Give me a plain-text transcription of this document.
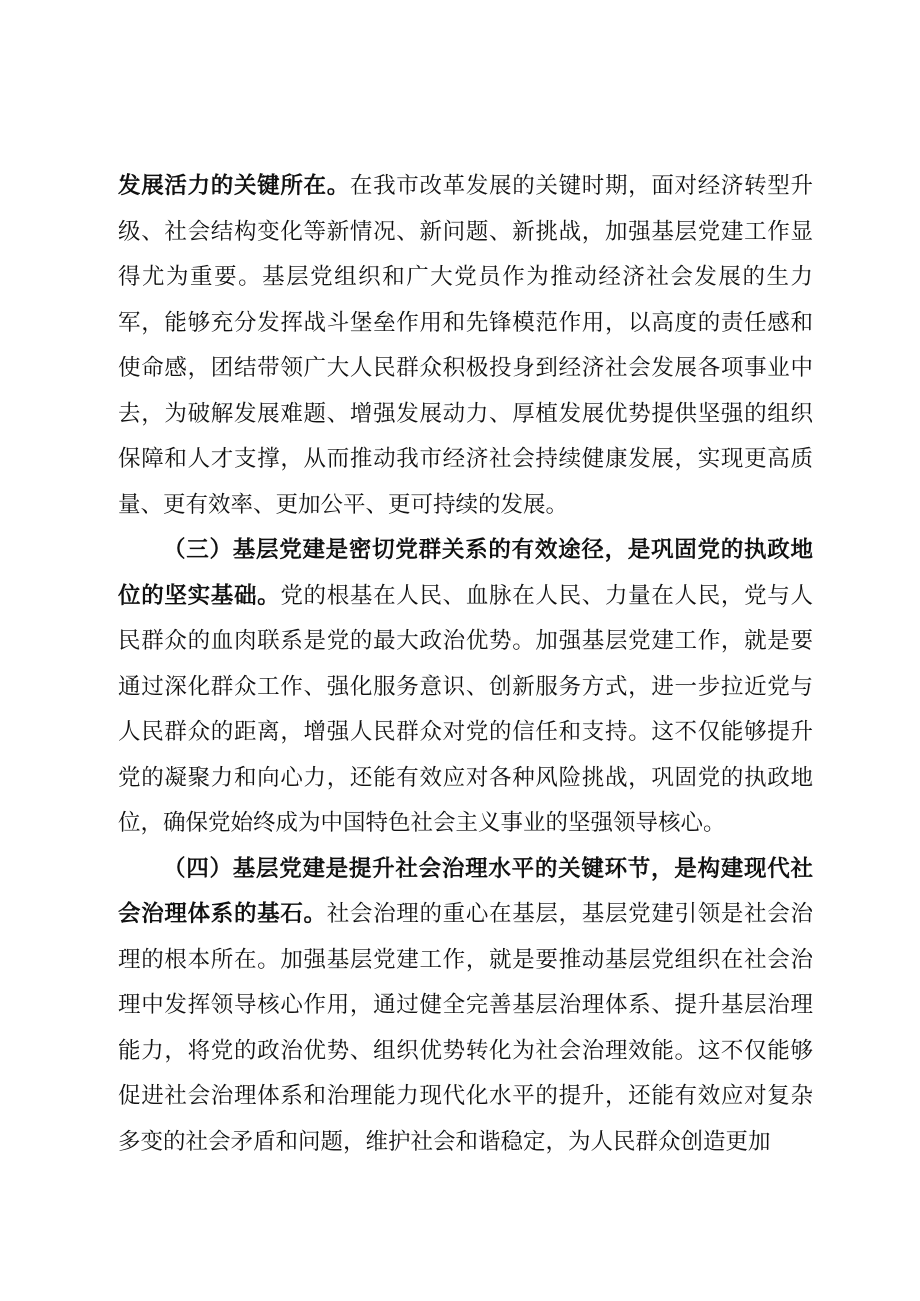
发展活力的关键所在。在我市改革发展的关键时期，面对经济转型升级、社会结构变化等新情况、新问题、新挑战，加强基层党建工作显得尤为重要。基层党组织和广大党员作为推动经济社会发展的生力军，能够充分发挥战斗堡垒作用和先锋模范作用，以高度的责任感和使命感，团结带领广大人民群众积极投身到经济社会发展各项事业中去，为破解发展难题、增强发展动力、厚植发展优势提供坚强的组织保障和人才支撑，从而推动我市经济社会持续健康发展，实现更高质量、更有效率、更加公平、更可持续的发展。

（三）基层党建是密切党群关系的有效途径，是巩固党的执政地位的坚实基础。党的根基在人民、血脉在人民、力量在人民，党与人民群众的血肉联系是党的最大政治优势。加强基层党建工作，就是要通过深化群众工作、强化服务意识、创新服务方式，进一步拉近党与人民群众的距离，增强人民群众对党的信任和支持。这不仅能够提升党的凝聚力和向心力，还能有效应对各种风险挑战，巩固党的执政地位，确保党始终成为中国特色社会主义事业的坚强领导核心。

（四）基层党建是提升社会治理水平的关键环节，是构建现代社会治理体系的基石。社会治理的重心在基层，基层党建引领是社会治理的根本所在。加强基层党建工作，就是要推动基层党组织在社会治理中发挥领导核心作用，通过健全完善基层治理体系、提升基层治理能力，将党的政治优势、组织优势转化为社会治理效能。这不仅能够促进社会治理体系和治理能力现代化水平的提升，还能有效应对复杂多变的社会矛盾和问题，维护社会和谐稳定，为人民群众创造更加
